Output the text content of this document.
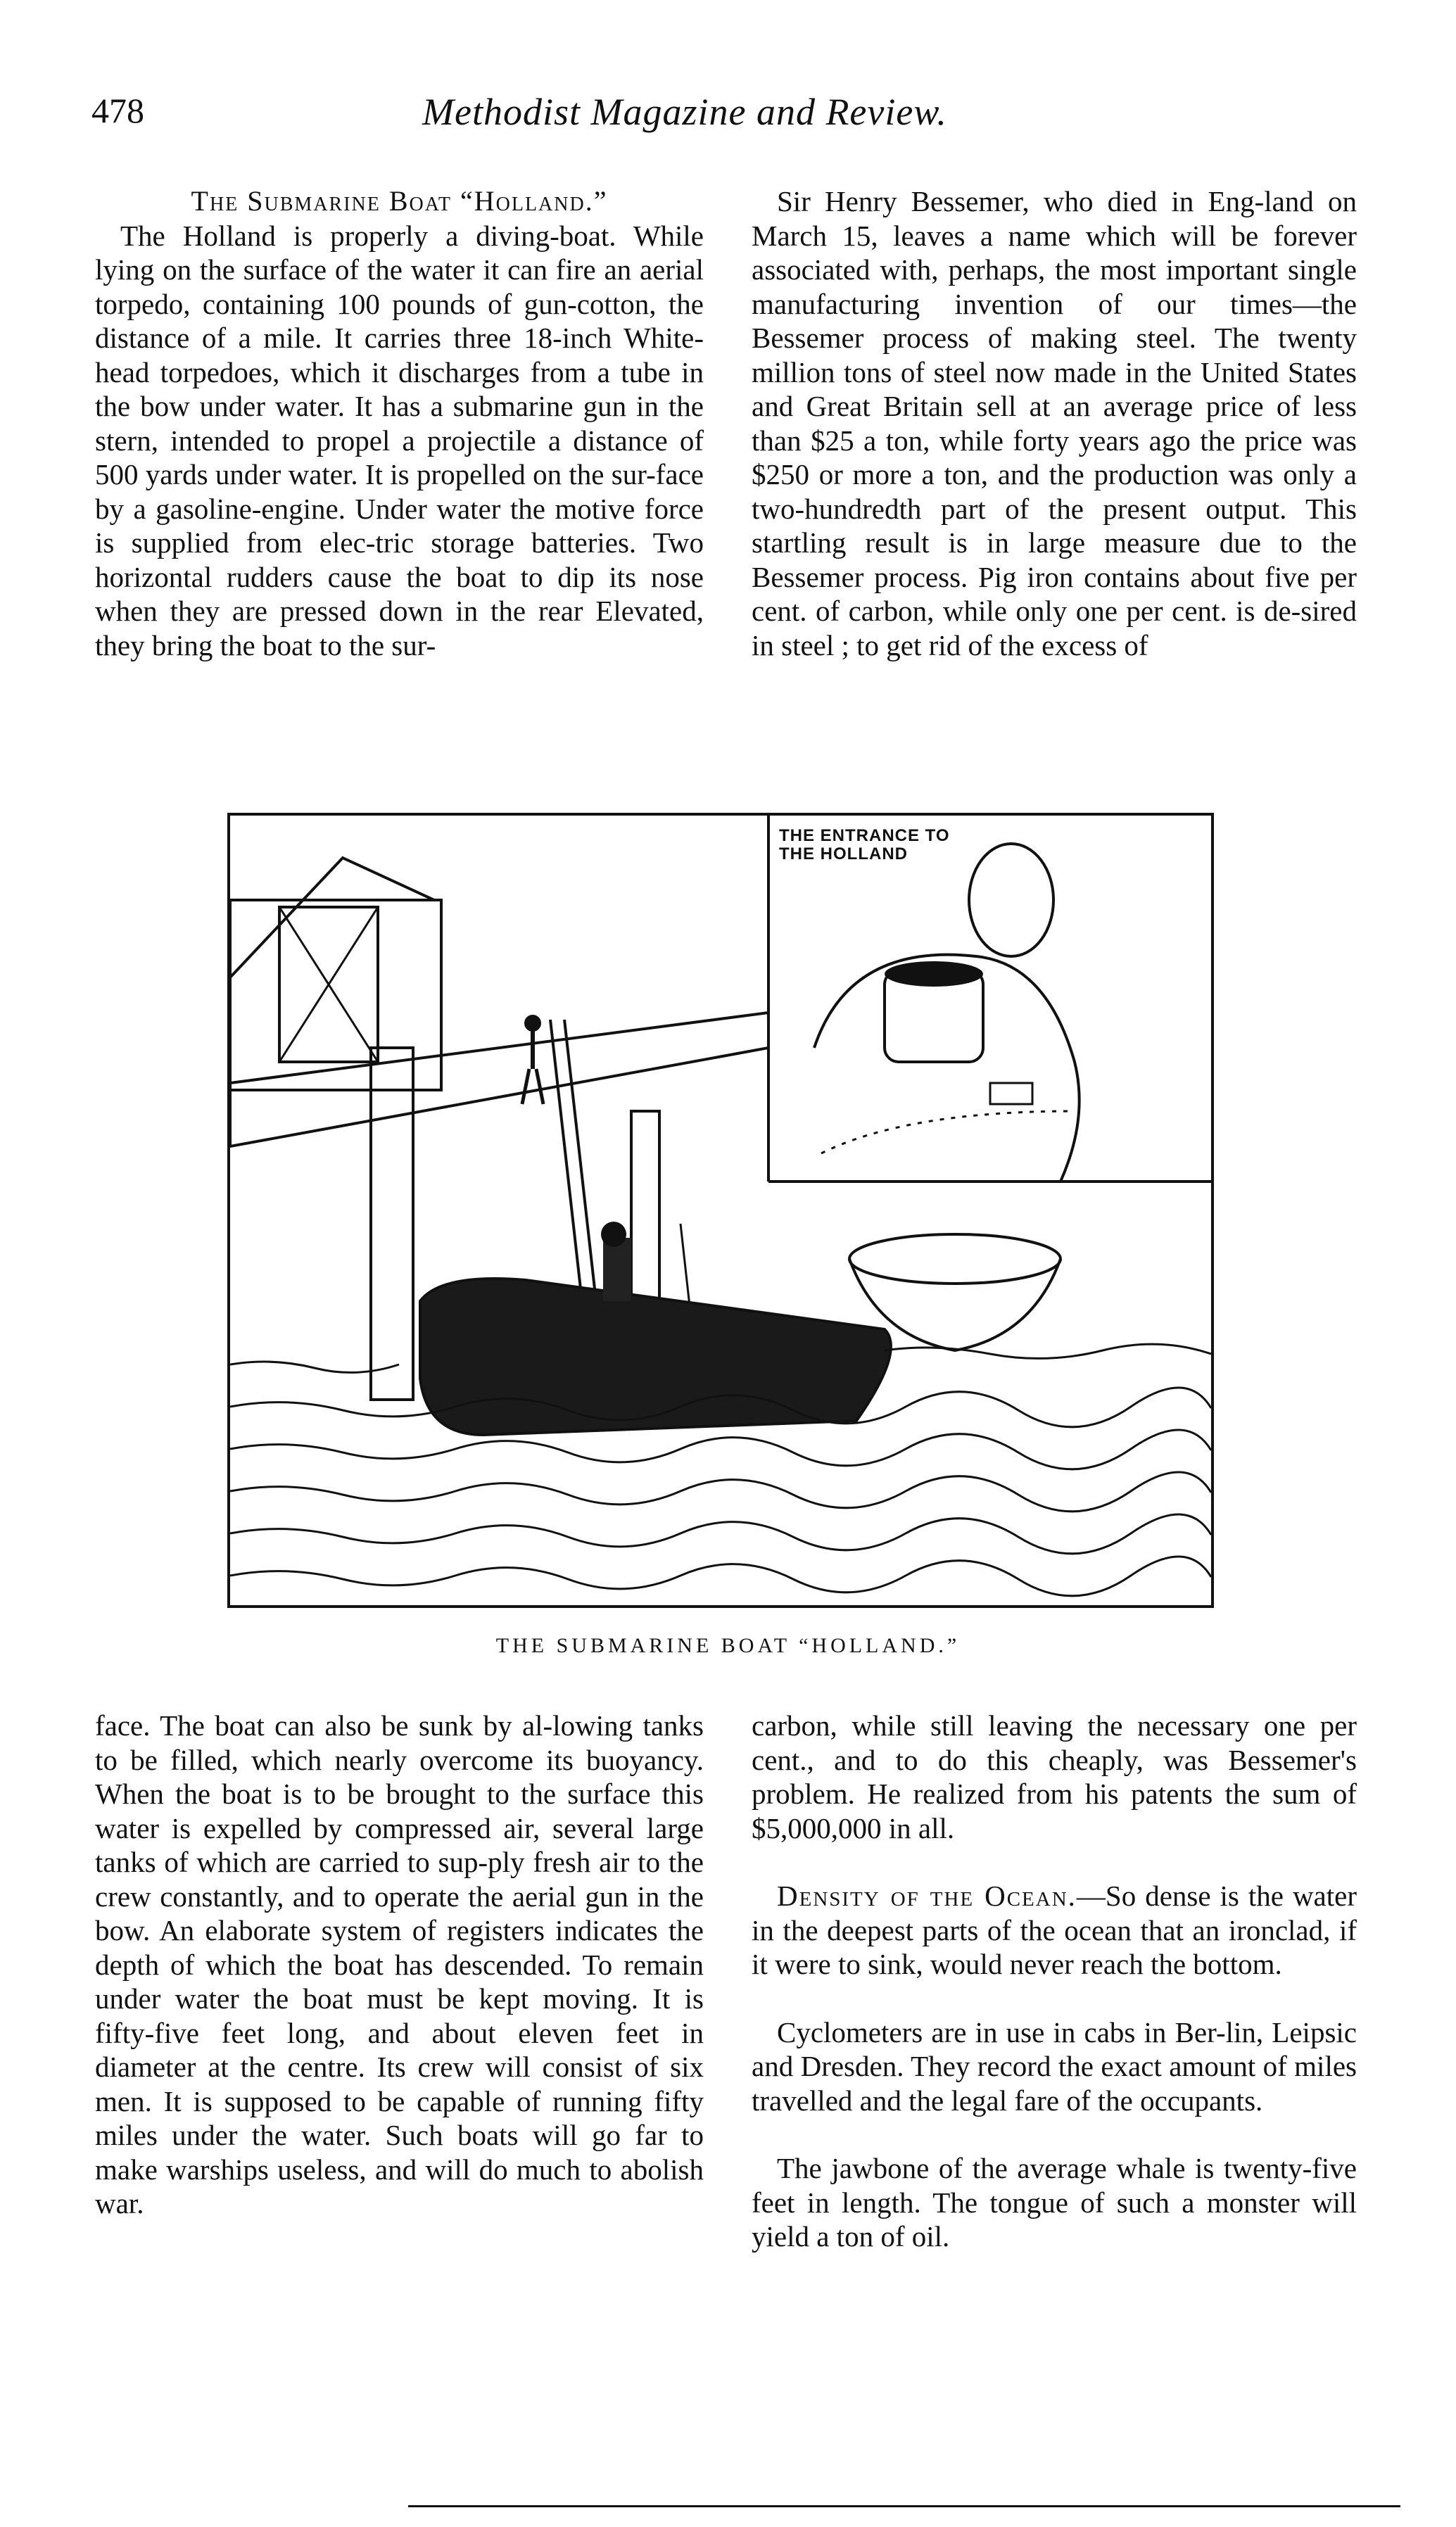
478	Methodist Magazine and Review.

The Submarine Boat “Holland.”

The Holland is properly a diving-boat. While lying on the surface of the water it can fire an aerial torpedo, containing 100 pounds of gun-cotton, the distance of a mile. It carries three 18-inch White-head torpedoes, which it discharges from a tube in the bow under water. It has a submarine gun in the stern, intended to propel a projectile a distance of 500 yards under water. It is propelled on the sur-face by a gasoline-engine. Under water the motive force is supplied from elec-tric storage batteries. Two horizontal rudders cause the boat to dip its nose when they are pressed down in the rear Elevated, they bring the boat to the sur-

Sir Henry Bessemer, who died in Eng-land on March 15, leaves a name which will be forever associated with, perhaps, the most important single manufacturing invention of our times—the Bessemer process of making steel. The twenty million tons of steel now made in the United States and Great Britain sell at an average price of less than $25 a ton, while forty years ago the price was $250 or more a ton, and the production was only a two-hundredth part of the present output. This startling result is in large measure due to the Bessemer process. Pig iron contains about five per cent. of carbon, while only one per cent. is de-sired in steel ; to get rid of the excess of

THE ENTRANCE TO
THE HOLLAND
THE SUBMARINE BOAT “HOLLAND.”

face. The boat can also be sunk by al-lowing tanks to be filled, which nearly overcome its buoyancy. When the boat is to be brought to the surface this water is expelled by compressed air, several large tanks of which are carried to sup-ply fresh air to the crew constantly, and to operate the aerial gun in the bow. An elaborate system of registers indicates the depth of which the boat has descended. To remain under water the boat must be kept moving. It is fifty-five feet long, and about eleven feet in diameter at the centre. Its crew will consist of six men. It is supposed to be capable of running fifty miles under the water. Such boats will go far to make warships useless, and will do much to abolish war.

carbon, while still leaving the necessary one per cent., and to do this cheaply, was Bessemer's problem. He realized from his patents the sum of $5,000,000 in all.

Density of the Ocean.—So dense is the water in the deepest parts of the ocean that an ironclad, if it were to sink, would never reach the bottom.

Cyclometers are in use in cabs in Ber-lin, Leipsic and Dresden. They record the exact amount of miles travelled and the legal fare of the occupants.

The jawbone of the average whale is twenty-five feet in length. The tongue of such a monster will yield a ton of oil.
